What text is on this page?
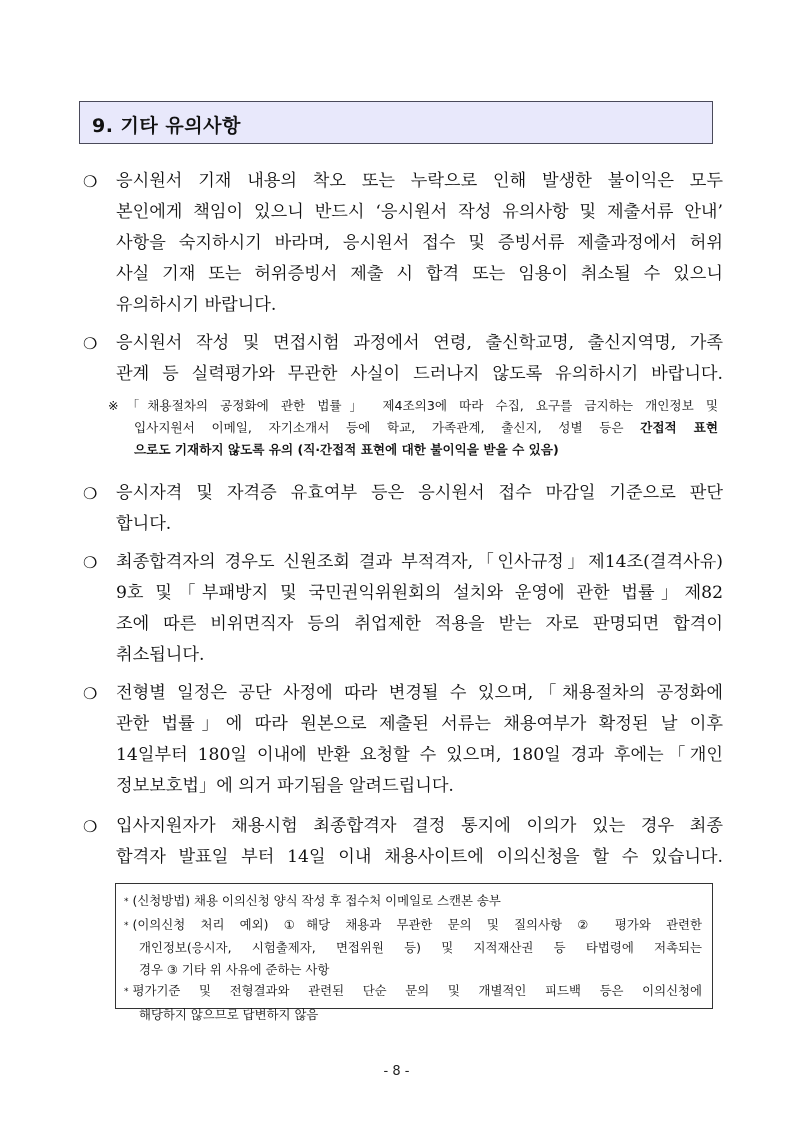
9. 기타 유의사항
❍	응시원서 기재 내용의 착오 또는 누락으로 인해 발생한 불이익은 모두
본인에게 책임이 있으니 반드시 ‘응시원서 작성 유의사항 및 제출서류 안내’
사항을 숙지하시기 바라며, 응시원서 접수 및 증빙서류 제출과정에서 허위
사실 기재 또는 허위증빙서 제출 시 합격 또는 임용이 취소될 수 있으니
유의하시기 바랍니다.
❍	응시원서 작성 및 면접시험 과정에서 연령, 출신학교명, 출신지역명, 가족
관계 등 실력평가와 무관한 사실이 드러나지 않도록 유의하시기 바랍니다.
※「채용절차의 공정화에 관한 법률」 제4조의3에 따라 수집, 요구를 금지하는 개인정보 및
입사지원서 이메일, 자기소개서 등에 학교, 가족관계, 출신지, 성별 등은 간접적 표현
으로도 기재하지 않도록 유의 (직‧간접적 표현에 대한 불이익을 받을 수 있음)
❍	응시자격 및 자격증 유효여부 등은 응시원서 접수 마감일 기준으로 판단
합니다.
❍	최종합격자의 경우도 신원조회 결과 부적격자,「인사규정」제14조(결격사유)
9호 및「부패방지 및 국민권익위원회의 설치와 운영에 관한 법률」제82
조에 따른 비위면직자 등의 취업제한 적용을 받는 자로 판명되면 합격이
취소됩니다.
❍	전형별 일정은 공단 사정에 따라 변경될 수 있으며,「채용절차의 공정화에
관한 법률」에 따라 원본으로 제출된 서류는 채용여부가 확정된 날 이후
14일부터 180일 이내에 반환 요청할 수 있으며, 180일 경과 후에는「개인
정보보호법」에 의거 파기됨을 알려드립니다.
❍	입사지원자가 채용시험 최종합격자 결정 통지에 이의가 있는 경우 최종
합격자 발표일 부터 14일 이내 채용사이트에 이의신청을 할 수 있습니다.
* (신청방법) 채용 이의신청 양식 작성 후 접수처 이메일로 스캔본 송부
* (이의신청 처리 예외) ①해당 채용과 무관한 문의 및 질의사항 ② 평가와 관련한
개인정보(응시자, 시험출제자, 면접위원 등) 및 지적재산권 등 타법령에 저촉되는
경우 ③ 기타 위 사유에 준하는 사항
* 평가기준 및 전형결과와 관련된 단순 문의 및 개별적인 피드백 등은 이의신청에
해당하지 않으므로 답변하지 않음
- 8 -
